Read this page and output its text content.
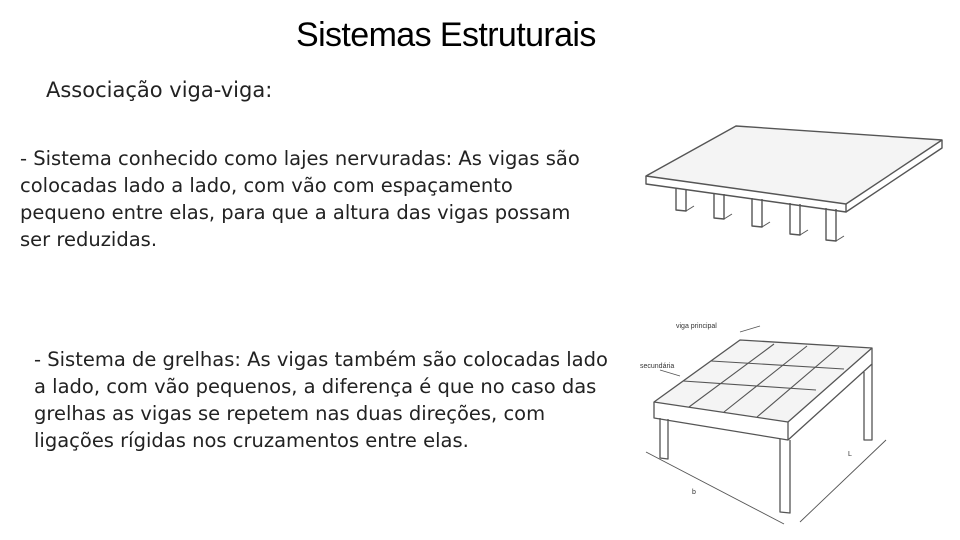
Sistemas Estruturais
Associação viga-viga:
- Sistema conhecido como lajes nervuradas: As vigas são colocadas lado a lado, com vão com espaçamento pequeno entre elas, para que a altura das vigas possam ser reduzidas.
- Sistema de grelhas: As vigas também são colocadas lado a lado, com vão pequenos, a diferença é que no caso das grelhas as vigas se repetem nas duas direções, com ligações rígidas nos cruzamentos entre elas.
viga principal
secundária
b
L
